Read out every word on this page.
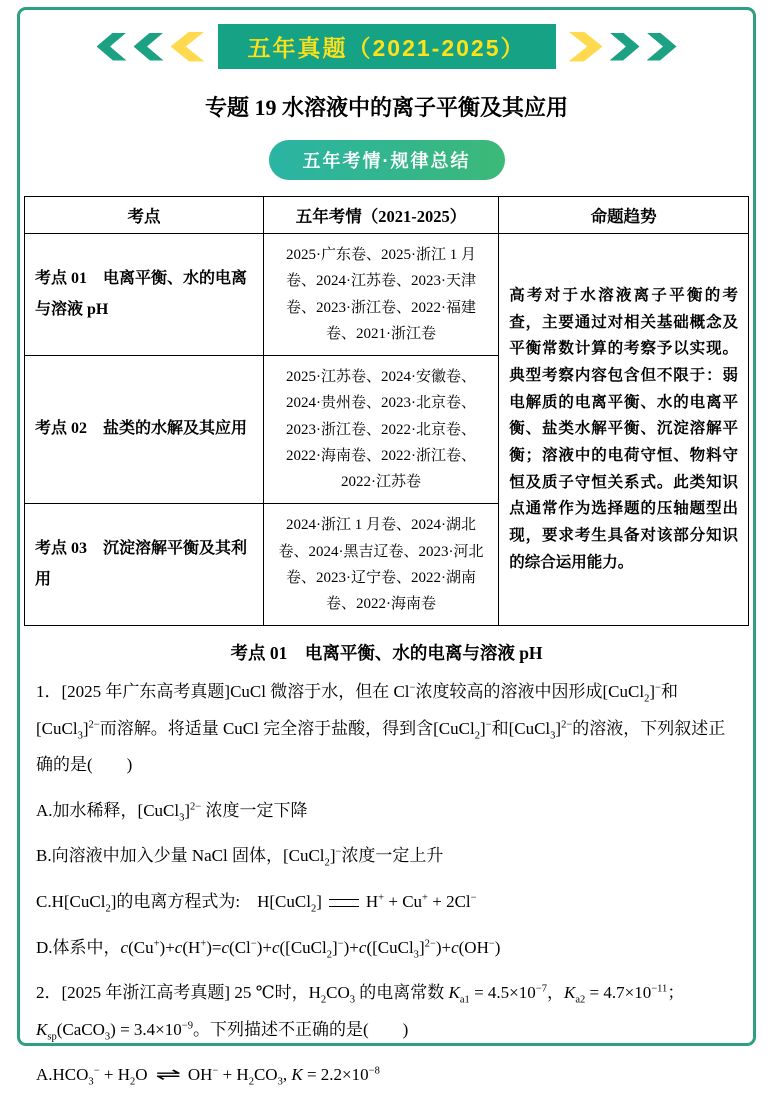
五年真题（2021-2025）
专题 19 水溶液中的离子平衡及其应用
五年考情·规律总结
考点	五年考情（2021-2025）	命题趋势
考点 01　电离平衡、水的电离与溶液 pH	2025·广东卷、2025·浙江 1 月卷、2024·江苏卷、2023·天津卷、2023·浙江卷、2022·福建卷、2021·浙江卷	高考对于水溶液离子平衡的考查，主要通过对相关基础概念及平衡常数计算的考察予以实现。典型考察内容包含但不限于：弱电解质的电离平衡、水的电离平衡、盐类水解平衡、沉淀溶解平衡；溶液中的电荷守恒、物料守恒及质子守恒关系式。此类知识点通常作为选择题的压轴题型出现，要求考生具备对该部分知识的综合运用能力。
考点 02　盐类的水解及其应用	2025·江苏卷、2024·安徽卷、2024·贵州卷、2023·北京卷、2023·浙江卷、2022·北京卷、2022·海南卷、2022·浙江卷、2022·江苏卷	
考点 03　沉淀溶解平衡及其利用	2024·浙江 1 月卷、2024·湖北卷、2024·黑吉辽卷、2023·河北卷、2023·辽宁卷、2022·湖南卷、2022·海南卷	
考点 01　电离平衡、水的电离与溶液 pH

1．[2025 年广东高考真题]CuCl 微溶于水，但在 Cl−浓度较高的溶液中因形成[CuCl$_2$]−和[CuCl$_3$]$^{2-}$而溶解。将适量 CuCl 完全溶于盐酸，得到含[CuCl$_2$]−和[CuCl$_3$]$^{2-}$的溶液，下列叙述正确的是(　　)

A.加水稀释，[CuCl$_3$]$^{2-}$ 浓度一定下降

B.向溶液中加入少量 NaCl 固体，[CuCl$_2$]−浓度一定上升

C.H[CuCl$_2$]的电离方程式为:　H[CuCl$_2$]	H+ + Cu+ + 2Cl−

D.体系中，c(Cu+)+c(H+)=c(Cl−)+c([CuCl$_2$]−)+c([CuCl$_3$]$^{2-}$)+c(OH−)

2．[2025 年浙江高考真题] 25 ℃时，$H_2CO_3$ 的电离常数 $K_{a1} = 4.5\times 10^{-7}$，$K_{a2} = 4.7\times 10^{-11}$；$K_{sp}(CaCO_3) = 3.4\times 10^{-9}$。下列描述不正确的是(　　)

$A.HCO_3^- + H_2O$ ⇌ $OH^- + H_2CO_3$, $K = 2.2\times 10^{-8}$
